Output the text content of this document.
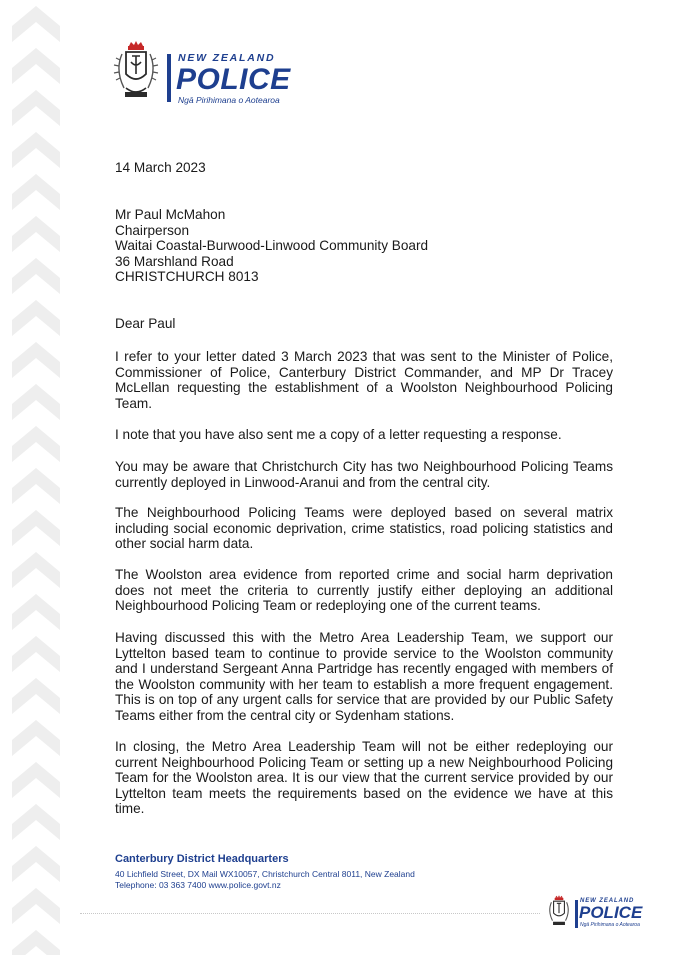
NEW ZEALAND
POLICE
Ngā Pirihimana o Aotearoa

14 March 2023

Mr Paul McMahon
Chairperson
Waitai Coastal-Burwood-Linwood Community Board
36 Marshland Road
CHRISTCHURCH 8013

Dear Paul

I refer to your letter dated 3 March 2023 that was sent to the Minister of Police, Commissioner of Police, Canterbury District Commander, and MP Dr Tracey McLellan requesting the establishment of a Woolston Neighbourhood Policing Team.

I note that you have also sent me a copy of a letter requesting a response.

You may be aware that Christchurch City has two Neighbourhood Policing Teams currently deployed in Linwood-Aranui and from the central city.

The Neighbourhood Policing Teams were deployed based on several matrix including social economic deprivation, crime statistics, road policing statistics and other social harm data.

The Woolston area evidence from reported crime and social harm deprivation does not meet the criteria to currently justify either deploying an additional Neighbourhood Policing Team or redeploying one of the current teams.

Having discussed this with the Metro Area Leadership Team, we support our Lyttelton based team to continue to provide service to the Woolston community and I understand Sergeant Anna Partridge has recently engaged with members of the Woolston community with her team to establish a more frequent engagement. This is on top of any urgent calls for service that are provided by our Public Safety Teams either from the central city or Sydenham stations.

In closing, the Metro Area Leadership Team will not be either redeploying our current Neighbourhood Policing Team or setting up a new Neighbourhood Policing Team for the Woolston area. It is our view that the current service provided by our Lyttelton team meets the requirements based on the evidence we have at this time.

Canterbury District Headquarters
40 Lichfield Street, DX Mail WX10057, Christchurch Central 8011, New Zealand
Telephone: 03 363 7400 www.police.govt.nz
NEW ZEALAND
POLICE
Ngā Pirihimana o Aotearoa
